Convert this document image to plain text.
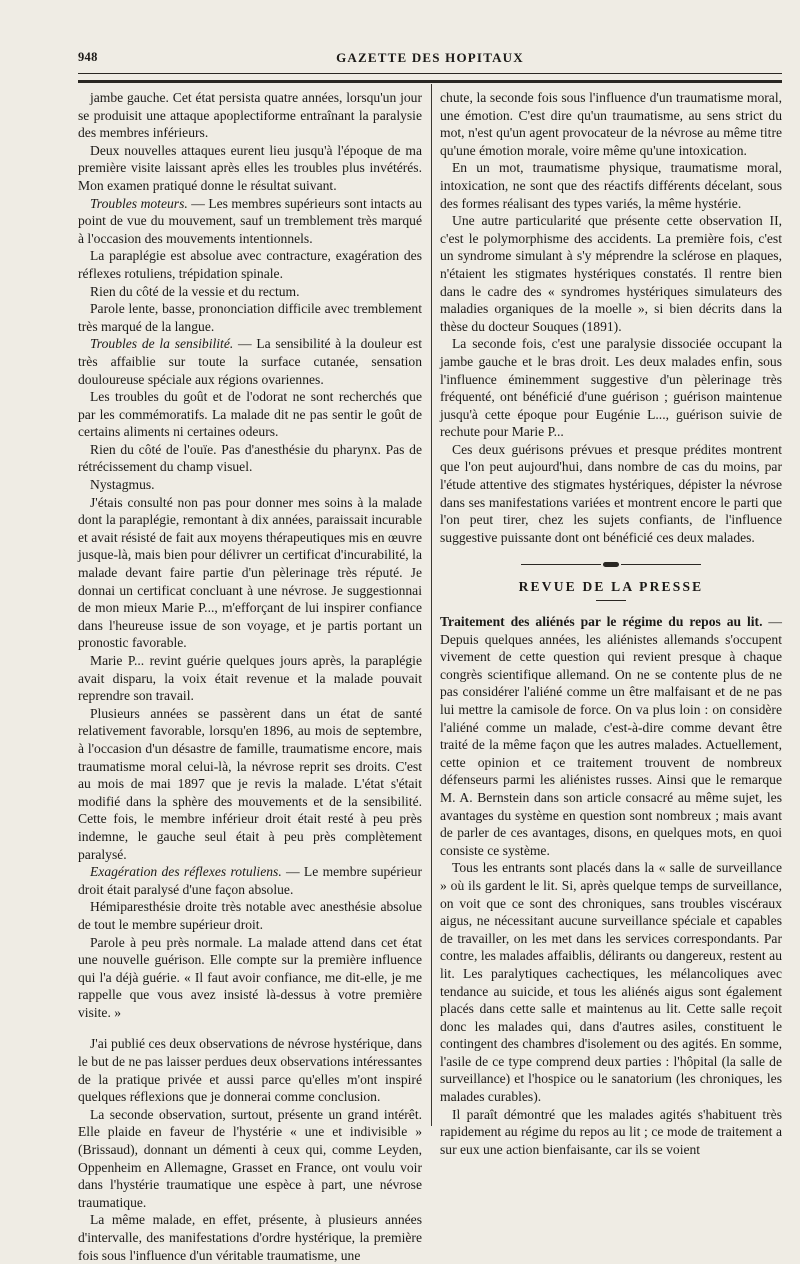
948	GAZETTE DES HOPITAUX

jambe gauche. Cet état persista quatre années, lorsqu'un jour se produisit une attaque apoplectiforme entraînant la paralysie des membres inférieurs.

Deux nouvelles attaques eurent lieu jusqu'à l'époque de ma première visite laissant après elles les troubles plus invétérés. Mon examen pratiqué donne le résultat suivant.

Troubles moteurs. — Les membres supérieurs sont intacts au point de vue du mouvement, sauf un tremblement très marqué à l'occasion des mouvements intentionnels.

La paraplégie est absolue avec contracture, exagération des réflexes rotuliens, trépidation spinale.

Rien du côté de la vessie et du rectum.

Parole lente, basse, prononciation difficile avec tremblement très marqué de la langue.

Troubles de la sensibilité. — La sensibilité à la douleur est très affaiblie sur toute la surface cutanée, sensation douloureuse spéciale aux régions ovariennes.

Les troubles du goût et de l'odorat ne sont recherchés que par les commémoratifs. La malade dit ne pas sentir le goût de certains aliments ni certaines odeurs.

Rien du côté de l'ouïe. Pas d'anesthésie du pharynx. Pas de rétrécissement du champ visuel.

Nystagmus.

J'étais consulté non pas pour donner mes soins à la malade dont la paraplégie, remontant à dix années, paraissait incurable et avait résisté de fait aux moyens thérapeutiques mis en œuvre jusque-là, mais bien pour délivrer un certificat d'incurabilité, la malade devant faire partie d'un pèlerinage très réputé. Je donnai un certificat concluant à une névrose. Je suggestionnai de mon mieux Marie P..., m'efforçant de lui inspirer confiance dans l'heureuse issue de son voyage, et je partis portant un pronostic favorable.

Marie P... revint guérie quelques jours après, la paraplégie avait disparu, la voix était revenue et la malade pouvait reprendre son travail.

Plusieurs années se passèrent dans un état de santé relativement favorable, lorsqu'en 1896, au mois de septembre, à l'occasion d'un désastre de famille, traumatisme encore, mais traumatisme moral celui-là, la névrose reprit ses droits. C'est au mois de mai 1897 que je revis la malade. L'état s'était modifié dans la sphère des mouvements et de la sensibilité. Cette fois, le membre inférieur droit était resté à peu près indemne, le gauche seul était à peu près complètement paralysé.

Exagération des réflexes rotuliens. — Le membre supérieur droit était paralysé d'une façon absolue.

Hémiparesthésie droite très notable avec anesthésie absolue de tout le membre supérieur droit.

Parole à peu près normale. La malade attend dans cet état une nouvelle guérison. Elle compte sur la première influence qui l'a déjà guérie. « Il faut avoir confiance, me dit-elle, je me rappelle que vous avez insisté là-dessus à votre première visite. »

J'ai publié ces deux observations de névrose hystérique, dans le but de ne pas laisser perdues deux observations intéressantes de la pratique privée et aussi parce qu'elles m'ont inspiré quelques réflexions que je donnerai comme conclusion.

La seconde observation, surtout, présente un grand intérêt. Elle plaide en faveur de l'hystérie « une et indivisible » (Brissaud), donnant un démenti à ceux qui, comme Leyden, Oppenheim en Allemagne, Grasset en France, ont voulu voir dans l'hystérie traumatique une espèce à part, une névrose traumatique.

La même malade, en effet, présente, à plusieurs années d'intervalle, des manifestations d'ordre hystérique, la première fois sous l'influence d'un véritable traumatisme, une

chute, la seconde fois sous l'influence d'un traumatisme moral, une émotion. C'est dire qu'un traumatisme, au sens strict du mot, n'est qu'un agent provocateur de la névrose au même titre qu'une émotion morale, voire même qu'une intoxication.

En un mot, traumatisme physique, traumatisme moral, intoxication, ne sont que des réactifs différents décelant, sous des formes réalisant des types variés, la même hystérie.

Une autre particularité que présente cette observation II, c'est le polymorphisme des accidents. La première fois, c'est un syndrome simulant à s'y méprendre la sclérose en plaques, n'étaient les stigmates hystériques constatés. Il rentre bien dans le cadre des « syndromes hystériques simulateurs des maladies organiques de la moelle », si bien décrits dans la thèse du docteur Souques (1891).

La seconde fois, c'est une paralysie dissociée occupant la jambe gauche et le bras droit. Les deux malades enfin, sous l'influence éminemment suggestive d'un pèlerinage très fréquenté, ont bénéficié d'une guérison ; guérison maintenue jusqu'à cette époque pour Eugénie L..., guérison suivie de rechute pour Marie P...

Ces deux guérisons prévues et presque prédites montrent que l'on peut aujourd'hui, dans nombre de cas du moins, par l'étude attentive des stigmates hystériques, dépister la névrose dans ses manifestations variées et montrent encore le parti que l'on peut tirer, chez les sujets confiants, de l'influence suggestive puissante dont ont bénéficié ces deux malades.

REVUE DE LA PRESSE

Traitement des aliénés par le régime du repos au lit. — Depuis quelques années, les aliénistes allemands s'occupent vivement de cette question qui revient presque à chaque congrès scientifique allemand. On ne se contente plus de ne pas considérer l'aliéné comme un être malfaisant et de ne pas lui mettre la camisole de force. On va plus loin : on considère l'aliéné comme un malade, c'est-à-dire comme devant être traité de la même façon que les autres malades. Actuellement, cette opinion et ce traitement trouvent de nombreux défenseurs parmi les aliénistes russes. Ainsi que le remarque M. A. Bernstein dans son article consacré au même sujet, les avantages du système en question sont nombreux ; mais avant de parler de ces avantages, disons, en quelques mots, en quoi consiste ce système.

Tous les entrants sont placés dans la « salle de surveillance » où ils gardent le lit. Si, après quelque temps de surveillance, on voit que ce sont des chroniques, sans troubles viscéraux aigus, ne nécessitant aucune surveillance spéciale et capables de travailler, on les met dans les services correspondants. Par contre, les malades affaiblis, délirants ou dangereux, restent au lit. Les paralytiques cachectiques, les mélancoliques avec tendance au suicide, et tous les aliénés aigus sont également placés dans cette salle et maintenus au lit. Cette salle reçoit donc les malades qui, dans d'autres asiles, constituent le contingent des chambres d'isolement ou des agités. En somme, l'asile de ce type comprend deux parties : l'hôpital (la salle de surveillance) et l'hospice ou le sanatorium (les chroniques, les malades curables).

Il paraît démontré que les malades agités s'habituent très rapidement au régime du repos au lit ; ce mode de traitement a sur eux une action bienfaisante, car ils se voient
